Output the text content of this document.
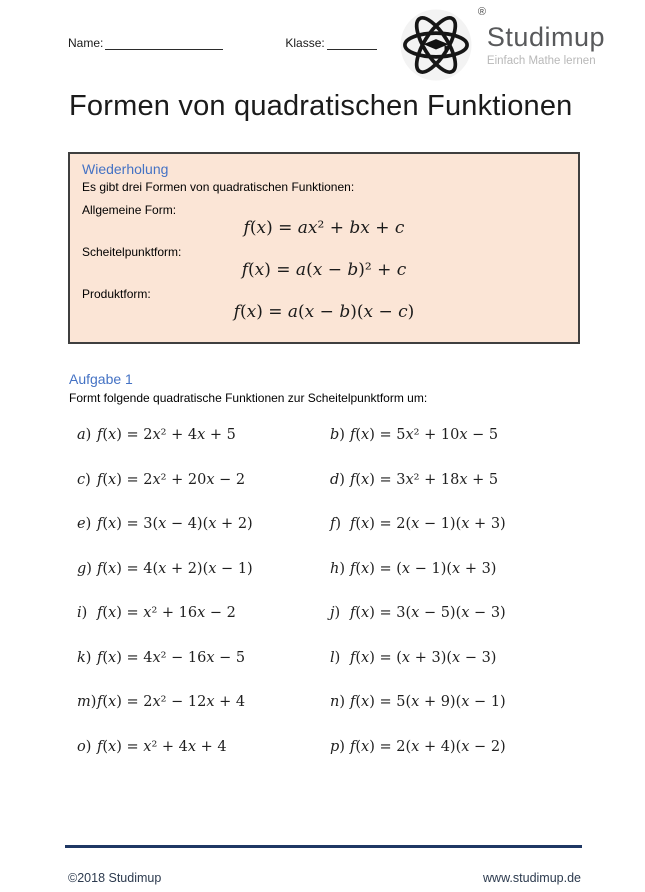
Name:	Klasse:
®
Studimup
Einfach Mathe lernen
Formen von quadratischen Funktionen
Wiederholung
Es gibt drei Formen von quadratischen Funktionen:
Allgemeine Form:
f(x) = ax² + bx + c
Scheitelpunktform:
f(x) = a(x − b)² + c
Produktform:
f(x) = a(x − b)(x − c)
Aufgabe 1
Formt folgende quadratische Funktionen zur Scheitelpunktform um:
a) f(x) = 2x² + 4x + 5	b) f(x) = 5x² + 10x − 5
c) f(x) = 2x² + 20x − 2	d) f(x) = 3x² + 18x + 5
e) f(x) = 3(x − 4)(x + 2)	f) f(x) = 2(x − 1)(x + 3)
g) f(x) = 4(x + 2)(x − 1)	h) f(x) = (x − 1)(x + 3)
i) f(x) = x² + 16x − 2	j) f(x) = 3(x − 5)(x − 3)
k) f(x) = 4x² − 16x − 5	l) f(x) = (x + 3)(x − 3)
m) f(x) = 2x² − 12x + 4	n) f(x) = 5(x + 9)(x − 1)
o) f(x) = x² + 4x + 4	p) f(x) = 2(x + 4)(x − 2)
©2018 Studimup	www.studimup.de
